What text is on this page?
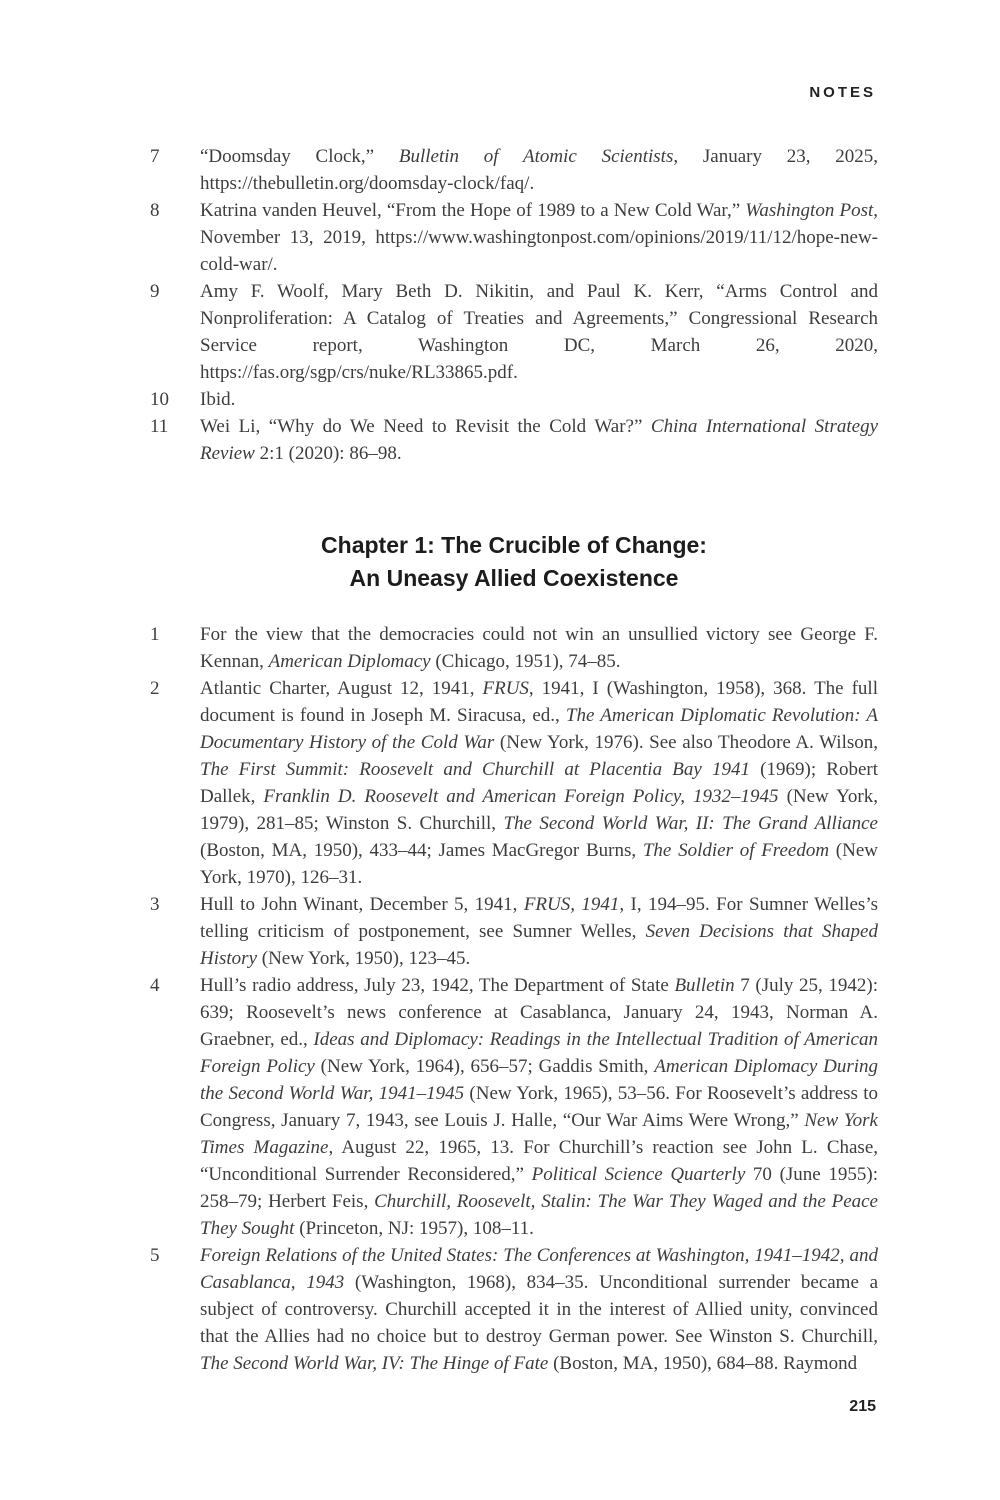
NOTES
7	“Doomsday Clock,” Bulletin of Atomic Scientists, January 23, 2025, https://thebulletin.org/doomsday-clock/faq/.

8	Katrina vanden Heuvel, “From the Hope of 1989 to a New Cold War,” Washington Post, November 13, 2019, https://www.washingtonpost.com/opinions/2019/11/12/hope-new-cold-war/.

9	Amy F. Woolf, Mary Beth D. Nikitin, and Paul K. Kerr, “Arms Control and Nonproliferation: A Catalog of Treaties and Agreements,” Congressional Research Service report, Washington DC, March 26, 2020, https://fas.org/sgp/crs/nuke/RL33865.pdf.

10	Ibid.

11	Wei Li, “Why do We Need to Revisit the Cold War?” China International Strategy Review 2:1 (2020): 86–98.

Chapter 1: The Crucible of Change:
An Uneasy Allied Coexistence
1	For the view that the democracies could not win an unsullied victory see George F. Kennan, American Diplomacy (Chicago, 1951), 74–85.

2	Atlantic Charter, August 12, 1941, FRUS, 1941, I (Washington, 1958), 368. The full document is found in Joseph M. Siracusa, ed., The American Diplomatic Revolution: A Documentary History of the Cold War (New York, 1976). See also Theodore A. Wilson, The First Summit: Roosevelt and Churchill at Placentia Bay 1941 (1969); Robert Dallek, Franklin D. Roosevelt and American Foreign Policy, 1932–1945 (New York, 1979), 281–85; Winston S. Churchill, The Second World War, II: The Grand Alliance (Boston, MA, 1950), 433–44; James MacGregor Burns, The Soldier of Freedom (New York, 1970), 126–31.

3	Hull to John Winant, December 5, 1941, FRUS, 1941, I, 194–95. For Sumner Welles’s telling criticism of postponement, see Sumner Welles, Seven Decisions that Shaped History (New York, 1950), 123–45.

4	Hull’s radio address, July 23, 1942, The Department of State Bulletin 7 (July 25, 1942): 639; Roosevelt’s news conference at Casablanca, January 24, 1943, Norman A. Graebner, ed., Ideas and Diplomacy: Readings in the Intellectual Tradition of American Foreign Policy (New York, 1964), 656–57; Gaddis Smith, American Diplomacy During the Second World War, 1941–1945 (New York, 1965), 53–56. For Roosevelt’s address to Congress, January 7, 1943, see Louis J. Halle, “Our War Aims Were Wrong,” New York Times Magazine, August 22, 1965, 13. For Churchill’s reaction see John L. Chase, “Unconditional Surrender Reconsidered,” Political Science Quarterly 70 (June 1955): 258–79; Herbert Feis, Churchill, Roosevelt, Stalin: The War They Waged and the Peace They Sought (Princeton, NJ: 1957), 108–11.

5	Foreign Relations of the United States: The Conferences at Washington, 1941–1942, and Casablanca, 1943 (Washington, 1968), 834–35. Unconditional surrender became a subject of controversy. Churchill accepted it in the interest of Allied unity, convinced that the Allies had no choice but to destroy German power. See Winston S. Churchill, The Second World War, IV: The Hinge of Fate (Boston, MA, 1950), 684–88. Raymond

215
